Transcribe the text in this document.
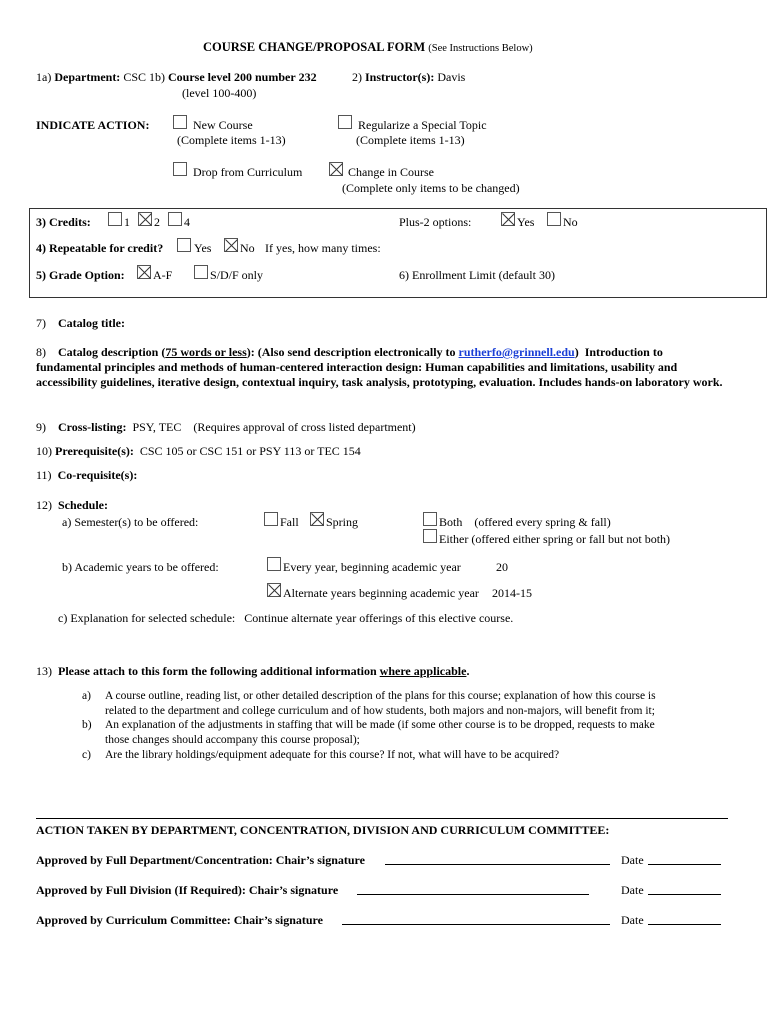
COURSE CHANGE/PROPOSAL FORM (See Instructions Below)
1a) Department: CSC 1b) Course level 200 number 232	2) Instructor(s): Davis
(level 100-400)
INDICATE ACTION:	New Course
(Complete items 1-13)
Regularize a Special Topic
(Complete items 1-13)
Drop from Curriculum	Change in Course
(Complete only items to be changed)
3) Credits:	1 2 4	Plus-2 options:	Yes No
4) Repeatable for credit?	Yes No If yes, how many times:
5) Grade Option: A-F	S/D/F only	6) Enrollment Limit (default 30)
7) Catalog title:
8) Catalog description (75 words or less): (Also send description electronically to rutherfo@grinnell.edu) Introduction to fundamental principles and methods of human-centered interaction design: Human capabilities and limitations, usability and accessibility guidelines, iterative design, contextual inquiry, task analysis, prototyping, evaluation. Includes hands-on laboratory work.
9) Cross-listing: PSY, TEC (Requires approval of cross listed department)
10) Prerequisite(s): CSC 105 or CSC 151 or PSY 113 or TEC 154
11) Co-requisite(s):
12) Schedule:
a) Semester(s) to be offered:	Fall Spring	Both (offered every spring & fall)
Either (offered either spring or fall but not both)
b) Academic years to be offered:	Every year, beginning academic year	20
Alternate years beginning academic year 2014-15
c) Explanation for selected schedule: Continue alternate year offerings of this elective course.
13) Please attach to this form the following additional information where applicable.
a) A course outline, reading list, or other detailed description of the plans for this course; explanation of how this course is
related to the department and college curriculum and of how students, both majors and non-majors, will benefit from it;
b) An explanation of the adjustments in staffing that will be made (if some other course is to be dropped, requests to make
those changes should accompany this course proposal);
c) Are the library holdings/equipment adequate for this course? If not, what will have to be acquired?
ACTION TAKEN BY DEPARTMENT, CONCENTRATION, DIVISION AND CURRICULUM COMMITTEE:
Approved by Full Department/Concentration: Chair’s signature	Date
Approved by Full Division (If Required): Chair’s signature	Date
Approved by Curriculum Committee: Chair’s signature	Date
